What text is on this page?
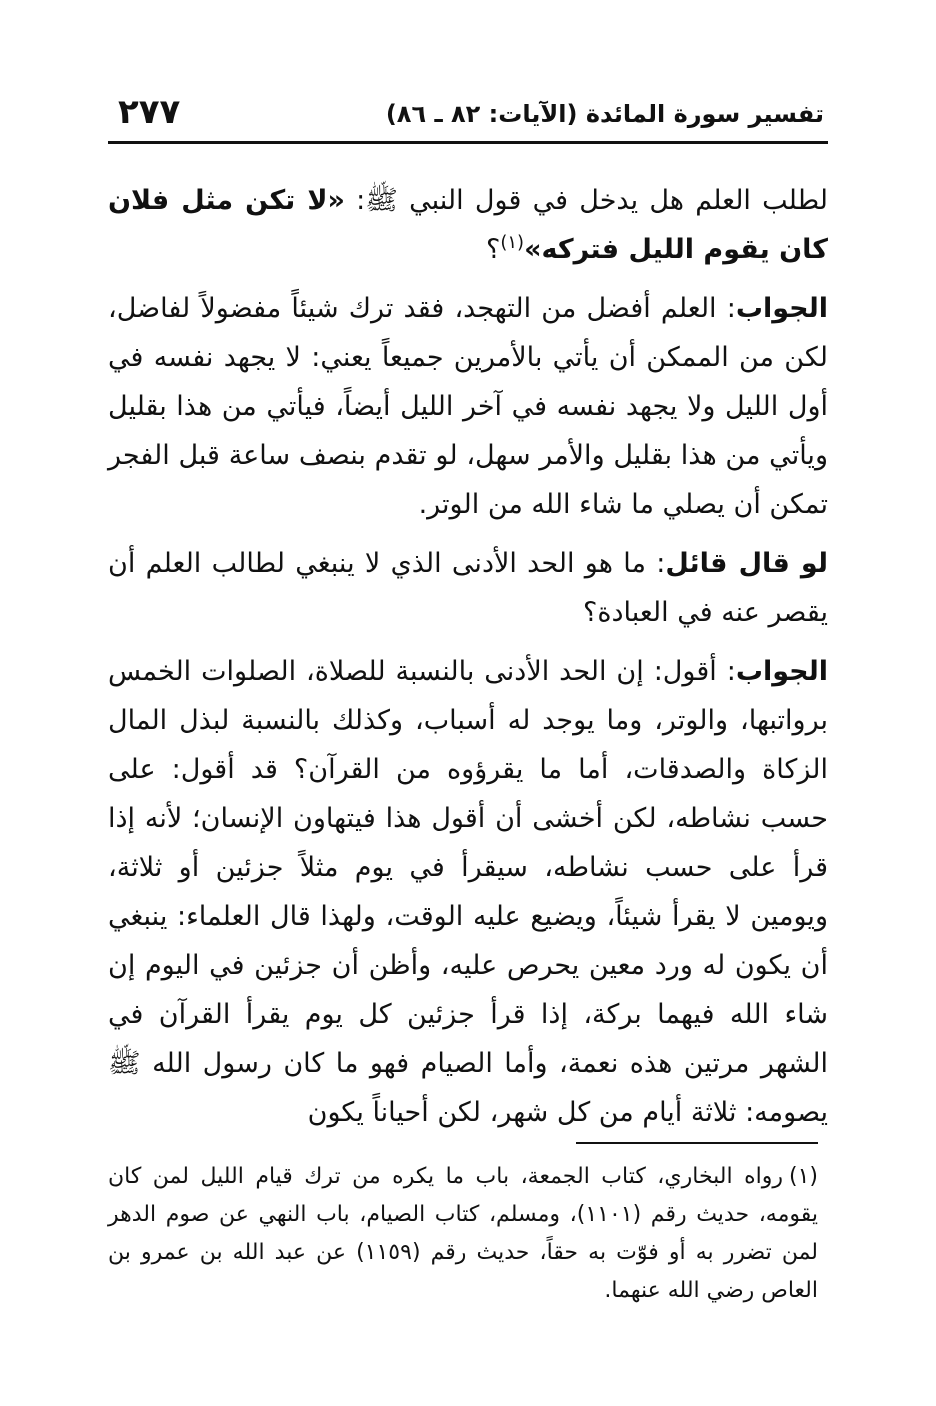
تفسير سورة المائدة (الآيات: ٨٢ ـ ٨٦)
٢٧٧

لطلب العلم هل يدخل في قول النبي ﷺ: «لا تكن مثل فلان كان يقوم الليل فتركه»$^{(١)}$؟

الجواب: العلم أفضل من التهجد، فقد ترك شيئاً مفضولاً لفاضل، لكن من الممكن أن يأتي بالأمرين جميعاً يعني: لا يجهد نفسه في أول الليل ولا يجهد نفسه في آخر الليل أيضاً، فيأتي من هذا بقليل ويأتي من هذا بقليل والأمر سهل، لو تقدم بنصف ساعة قبل الفجر تمكن أن يصلي ما شاء الله من الوتر.

لو قال قائل: ما هو الحد الأدنى الذي لا ينبغي لطالب العلم أن يقصر عنه في العبادة؟

الجواب: أقول: إن الحد الأدنى بالنسبة للصلاة، الصلوات الخمس برواتبها، والوتر، وما يوجد له أسباب، وكذلك بالنسبة لبذل المال الزكاة والصدقات، أما ما يقرؤوه من القرآن؟ قد أقول: على حسب نشاطه، لكن أخشى أن أقول هذا فيتهاون الإنسان؛ لأنه إذا قرأ على حسب نشاطه، سيقرأ في يوم مثلاً جزئين أو ثلاثة، ويومين لا يقرأ شيئاً، ويضيع عليه الوقت، ولهذا قال العلماء: ينبغي أن يكون له ورد معين يحرص عليه، وأظن أن جزئين في اليوم إن شاء الله فيهما بركة، إذا قرأ جزئين كل يوم يقرأ القرآن في الشهر مرتين هذه نعمة، وأما الصيام فهو ما كان رسول الله ﷺ يصومه: ثلاثة أيام من كل شهر، لكن أحياناً يكون

(١)رواه البخاري، كتاب الجمعة، باب ما يكره من ترك قيام الليل لمن كان يقومه، حديث رقم (١١٠١)، ومسلم، كتاب الصيام، باب النهي عن صوم الدهر لمن تضرر به أو فوّت به حقاً، حديث رقم (١١٥٩) عن عبد الله بن عمرو بن العاص رضي الله عنهما.
